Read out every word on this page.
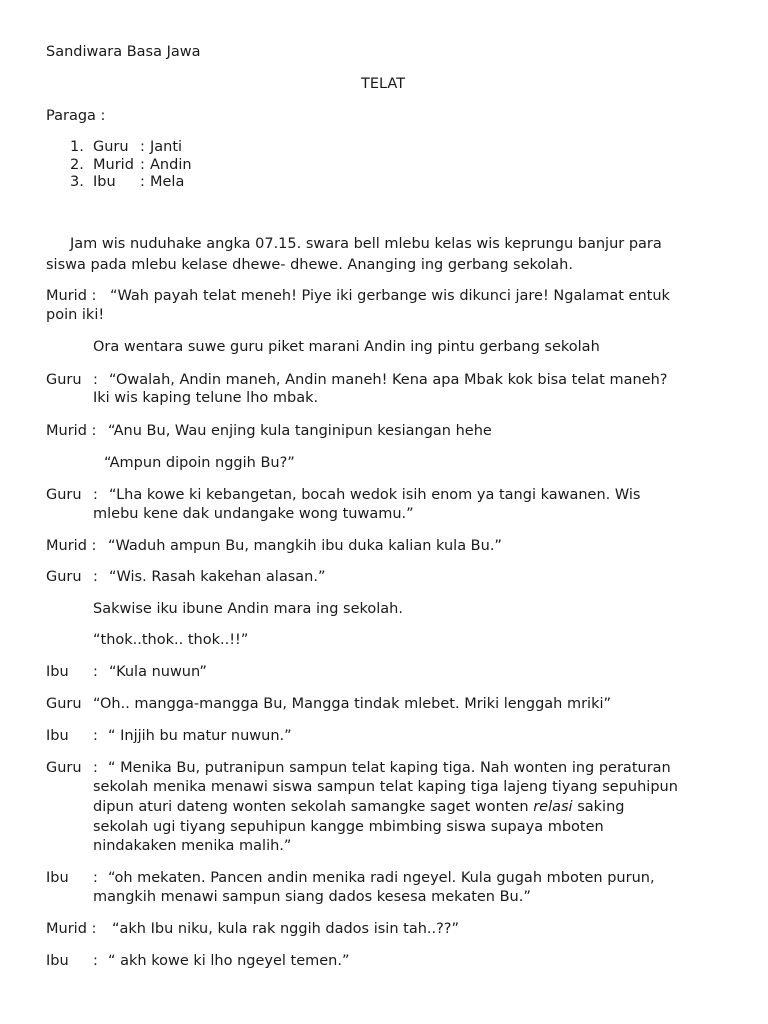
Sandiwara Basa Jawa
TELAT
Paraga :
1. Guru : Janti
2. Murid : Andin
3. Ibu : Mela
Jam wis nuduhake angka 07.15. swara bell mlebu kelas wis keprungu banjur para
siswa pada mlebu kelase dhewe- dhewe. Ananging ing gerbang sekolah.
Murid : “Wah payah telat meneh! Piye iki gerbange wis dikunci jare! Ngalamat entuk
poin iki!
Ora wentara suwe guru piket marani Andin ing pintu gerbang sekolah
Guru : “Owalah, Andin maneh, Andin maneh! Kena apa Mbak kok bisa telat maneh?
Iki wis kaping telune lho mbak.
Murid : “Anu Bu, Wau enjing kula tanginipun kesiangan hehe
“Ampun dipoin nggih Bu?”
Guru : “Lha kowe ki kebangetan, bocah wedok isih enom ya tangi kawanen. Wis
mlebu kene dak undangake wong tuwamu.”
Murid : “Waduh ampun Bu, mangkih ibu duka kalian kula Bu.”
Guru : “Wis. Rasah kakehan alasan.”
Sakwise iku ibune Andin mara ing sekolah.
“thok..thok.. thok..!!”
Ibu : “Kula nuwun”
Guru “Oh.. mangga-mangga Bu, Mangga tindak mlebet. Mriki lenggah mriki”
Ibu : “ Injjih bu matur nuwun.”
Guru : “ Menika Bu, putranipun sampun telat kaping tiga. Nah wonten ing peraturan
sekolah menika menawi siswa sampun telat kaping tiga lajeng tiyang sepuhipun
dipun aturi dateng wonten sekolah samangke saget wonten relasi saking
sekolah ugi tiyang sepuhipun kangge mbimbing siswa supaya mboten
nindakaken menika malih.”
Ibu : “oh mekaten. Pancen andin menika radi ngeyel. Kula gugah mboten purun,
mangkih menawi sampun siang dados kesesa mekaten Bu.”
Murid : “akh Ibu niku, kula rak nggih dados isin tah..??”
Ibu : “ akh kowe ki lho ngeyel temen.”
